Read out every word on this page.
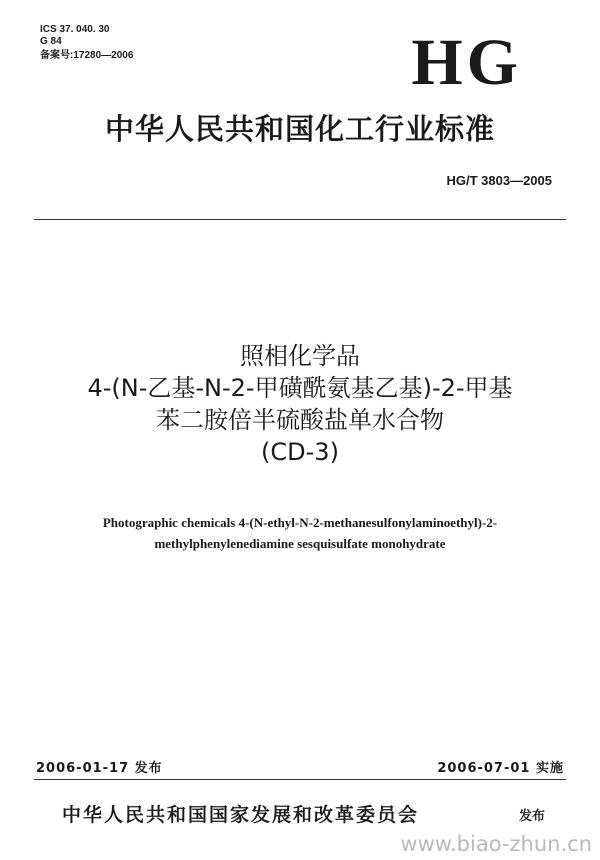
ICS 37. 040. 30
G 84
备案号:17280—2006	HG
中华人民共和国化工行业标准
HG/T 3803—2005
照相化学品
4-(N-乙基-N-2-甲磺酰氨基乙基)-2-甲基
苯二胺倍半硫酸盐单水合物
(CD-3)
Photographic chemicals 4-(N-ethyl-N-2-methanesulfonylaminoethyl)-2-
methylphenylenediamine sesquisulfate monohydrate
2006-01-17 发布	2006-07-01 实施
中华人民共和国国家发展和改革委员会	发布
www.biao-zhun.cn
